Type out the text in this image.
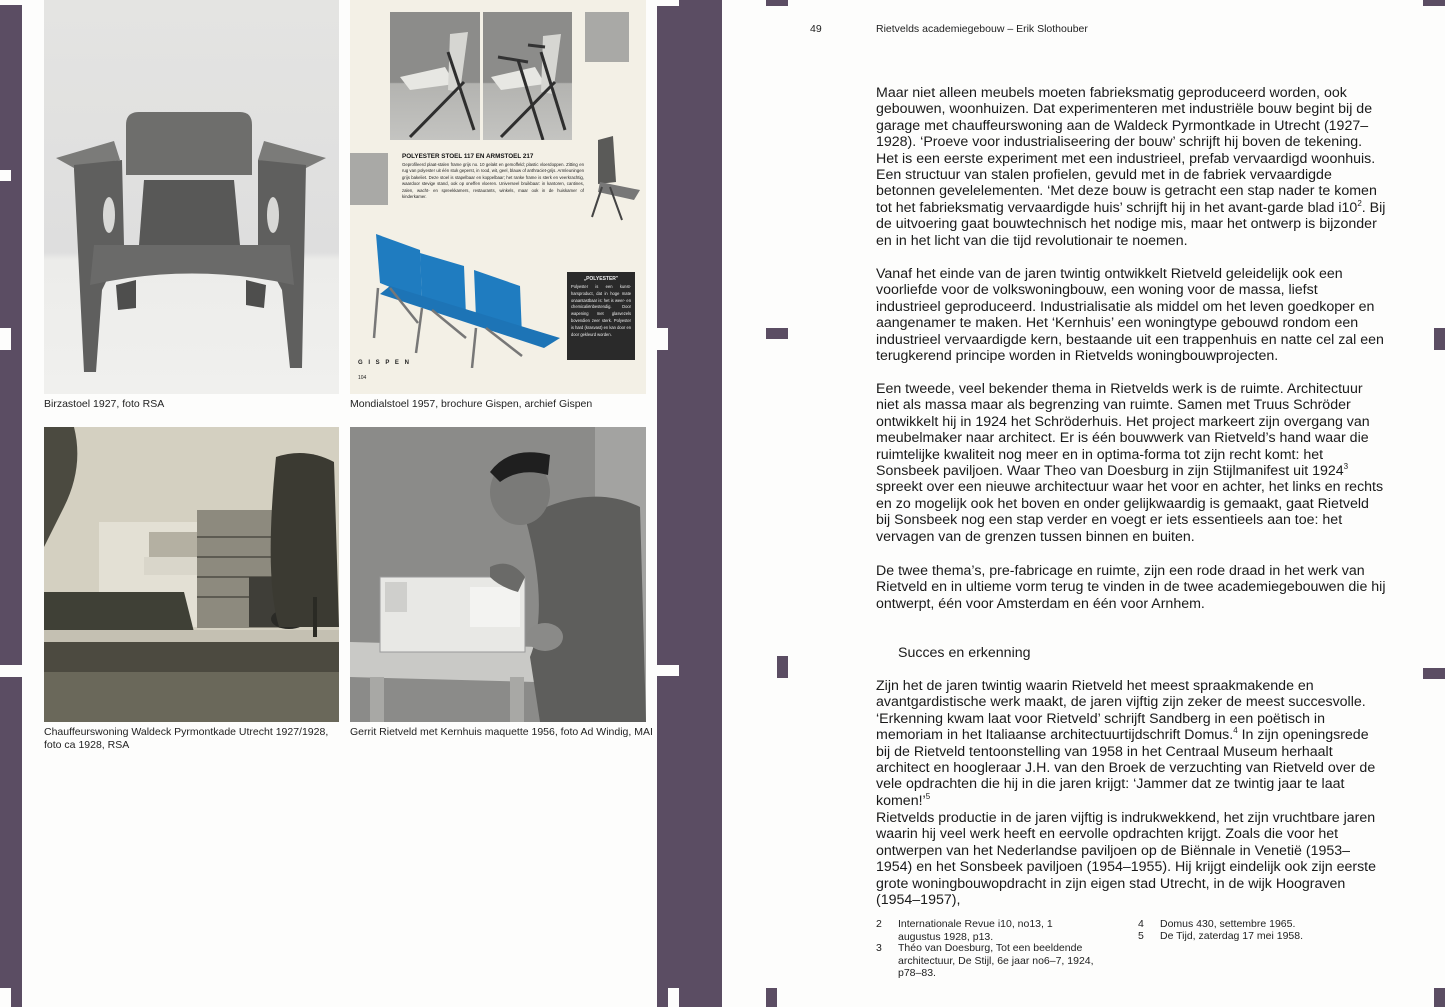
Birzastoel 1927, foto RSA
POLYESTER STOEL 117 EN ARMSTOEL 217
Geprofileerd plaat-stalen frame grijs no. 10 gelakt en gemoffeld; plastic vloerdoppen. Zitting en rug van polyester uit één stuk geperst, in rood, wit, geel, blauw of anthraciet-grijs. Armleuningen grijs bakeliet. Deze stoel is stapelbaar en koppelbaar; het ranke frame is sterk en veerkrachtig, waardoor stevige stand, ook op oneffen vloeren. Universeel bruikbaar: in kantoren, cantines, zalen, wacht- en spreekkamers, restaurants, winkels, maar ook in de huiskamer of kinderkamer.
„POLYESTER”
Polyester is een kunst-harsproduct, dat in hoge mate onaantastbaar is: het is weer- en chemicaliënbestendig. Door wapening met glasvezels bovendien zeer sterk. Polyester is hard (krasvast) en kan door en door gekleurd worden.
G I S P E N
104
Mondialstoel 1957, brochure Gispen, archief Gispen
Chauffeurswoning Waldeck Pyrmontkade Utrecht 1927/1928, foto ca 1928, RSA
Gerrit Rietveld met Kernhuis maquette 1956, foto Ad Windig, MAI
49	Rietvelds academiegebouw – Erik Slothouber

Maar niet alleen meubels moeten fabrieksmatig geproduceerd worden, ook gebouwen, woonhuizen. Dat experimenteren met industriële bouw begint bij de garage met chauffeurswoning aan de Waldeck Pyrmontkade in Utrecht (1927– 1928). ‘Proeve voor industrialiseering der bouw’ schrijft hij boven de tekening. Het is een eerste experiment met een industrieel, prefab vervaardigd woonhuis. Een structuur van stalen profielen, gevuld met in de fabriek vervaardigde betonnen gevelelementen. ‘Met deze bouw is getracht een stap nader te komen tot het fabrieksmatig vervaardigde huis’ schrijft hij in het avant-garde blad $i10^2$. Bij de uitvoering gaat bouwtechnisch het nodige mis, maar het ontwerp is bijzonder en in het licht van die tijd revolutionair te noemen.

Vanaf het einde van de jaren twintig ontwikkelt Rietveld geleidelijk ook een voorliefde voor de volkswoningbouw, een woning voor de massa, liefst industrieel geproduceerd. Industrialisatie als middel om het leven goedkoper en aangenamer te maken. Het ‘Kernhuis’ een woningtype gebouwd rondom een industrieel vervaardigde kern, bestaande uit een trappenhuis en natte cel zal een terugkerend principe worden in Rietvelds woningbouwprojecten.

Een tweede, veel bekender thema in Rietvelds werk is de ruimte. Architectuur niet als massa maar als begrenzing van ruimte. Samen met Truus Schröder ontwikkelt hij in 1924 het Schröderhuis. Het project markeert zijn overgang van meubelmaker naar architect. Er is één bouwwerk van Rietveld’s hand waar die ruimtelijke kwaliteit nog meer en in optima-forma tot zijn recht komt: het Sonsbeek paviljoen. Waar Theo van Doesburg in zijn Stijlmanifest uit 1924$^3$ spreekt over een nieuwe architectuur waar het voor en achter, het links en rechts en zo mogelijk ook het boven en onder gelijkwaardig is gemaakt, gaat Rietveld bij Sonsbeek nog een stap verder en voegt er iets essentieels aan toe: het vervagen van de grenzen tussen binnen en buiten.

De twee thema’s, pre-fabricage en ruimte, zijn een rode draad in het werk van Rietveld en in ultieme vorm terug te vinden in de twee academiegebouwen die hij ontwerpt, één voor Amsterdam en één voor Arnhem.

Succes en erkenning

Zijn het de jaren twintig waarin Rietveld het meest spraakmakende en avantgardistische werk maakt, de jaren vijftig zijn zeker de meest succesvolle. ‘Erkenning kwam laat voor Rietveld’ schrijft Sandberg in een poëtisch in memoriam in het Italiaanse architectuurtijdschrift Domus.$^4$ In zijn openingsrede bij de Rietveld tentoonstelling van 1958 in het Centraal Museum herhaalt architect en hoogleraar J.H. van den Broek de verzuchting van Rietveld over de vele opdrachten die hij in die jaren krijgt: ‘Jammer dat ze twintig jaar te laat komen!’$^5$

Rietvelds productie in de jaren vijftig is indrukwekkend, het zijn vruchtbare jaren waarin hij veel werk heeft en eervolle opdrachten krijgt. Zoals die voor het ontwerpen van het Nederlandse paviljoen op de Biënnale in Venetië (1953–1954) en het Sonsbeek paviljoen (1954–1955). Hij krijgt eindelijk ook zijn eerste grote woningbouwopdracht in zijn eigen stad Utrecht, in de wijk Hoograven (1954–1957),

2 Internationale Revue i10, no13, 1 augustus 1928, p13.
3 Théo van Doesburg, Tot een beeldende architectuur, De Stijl, 6e jaar no6–7, 1924, p78–83.
4 Domus 430, settembre 1965.
5 De Tijd, zaterdag 17 mei 1958.
